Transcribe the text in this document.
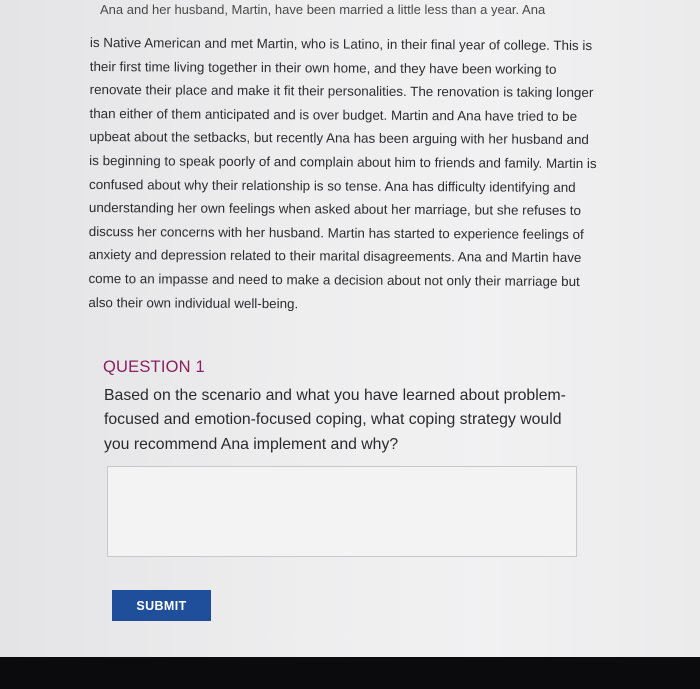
Ana and her husband, Martin, have been married a little less than a year. Ana

is Native American and met Martin, who is Latino, in their final year of college. This is their first time living together in their own home, and they have been working to renovate their place and make it fit their personalities. The renovation is taking longer than either of them anticipated and is over budget. Martin and Ana have tried to be upbeat about the setbacks, but recently Ana has been arguing with her husband and is beginning to speak poorly of and complain about him to friends and family. Martin is confused about why their relationship is so tense. Ana has difficulty identifying and understanding her own feelings when asked about her marriage, but she refuses to discuss her concerns with her husband. Martin has started to experience feelings of anxiety and depression related to their marital disagreements. Ana and Martin have come to an impasse and need to make a decision about not only their marriage but also their own individual well-being.

QUESTION 1

Based on the scenario and what you have learned about problem-focused and emotion-focused coping, what coping strategy would you recommend Ana implement and why?

SUBMIT
